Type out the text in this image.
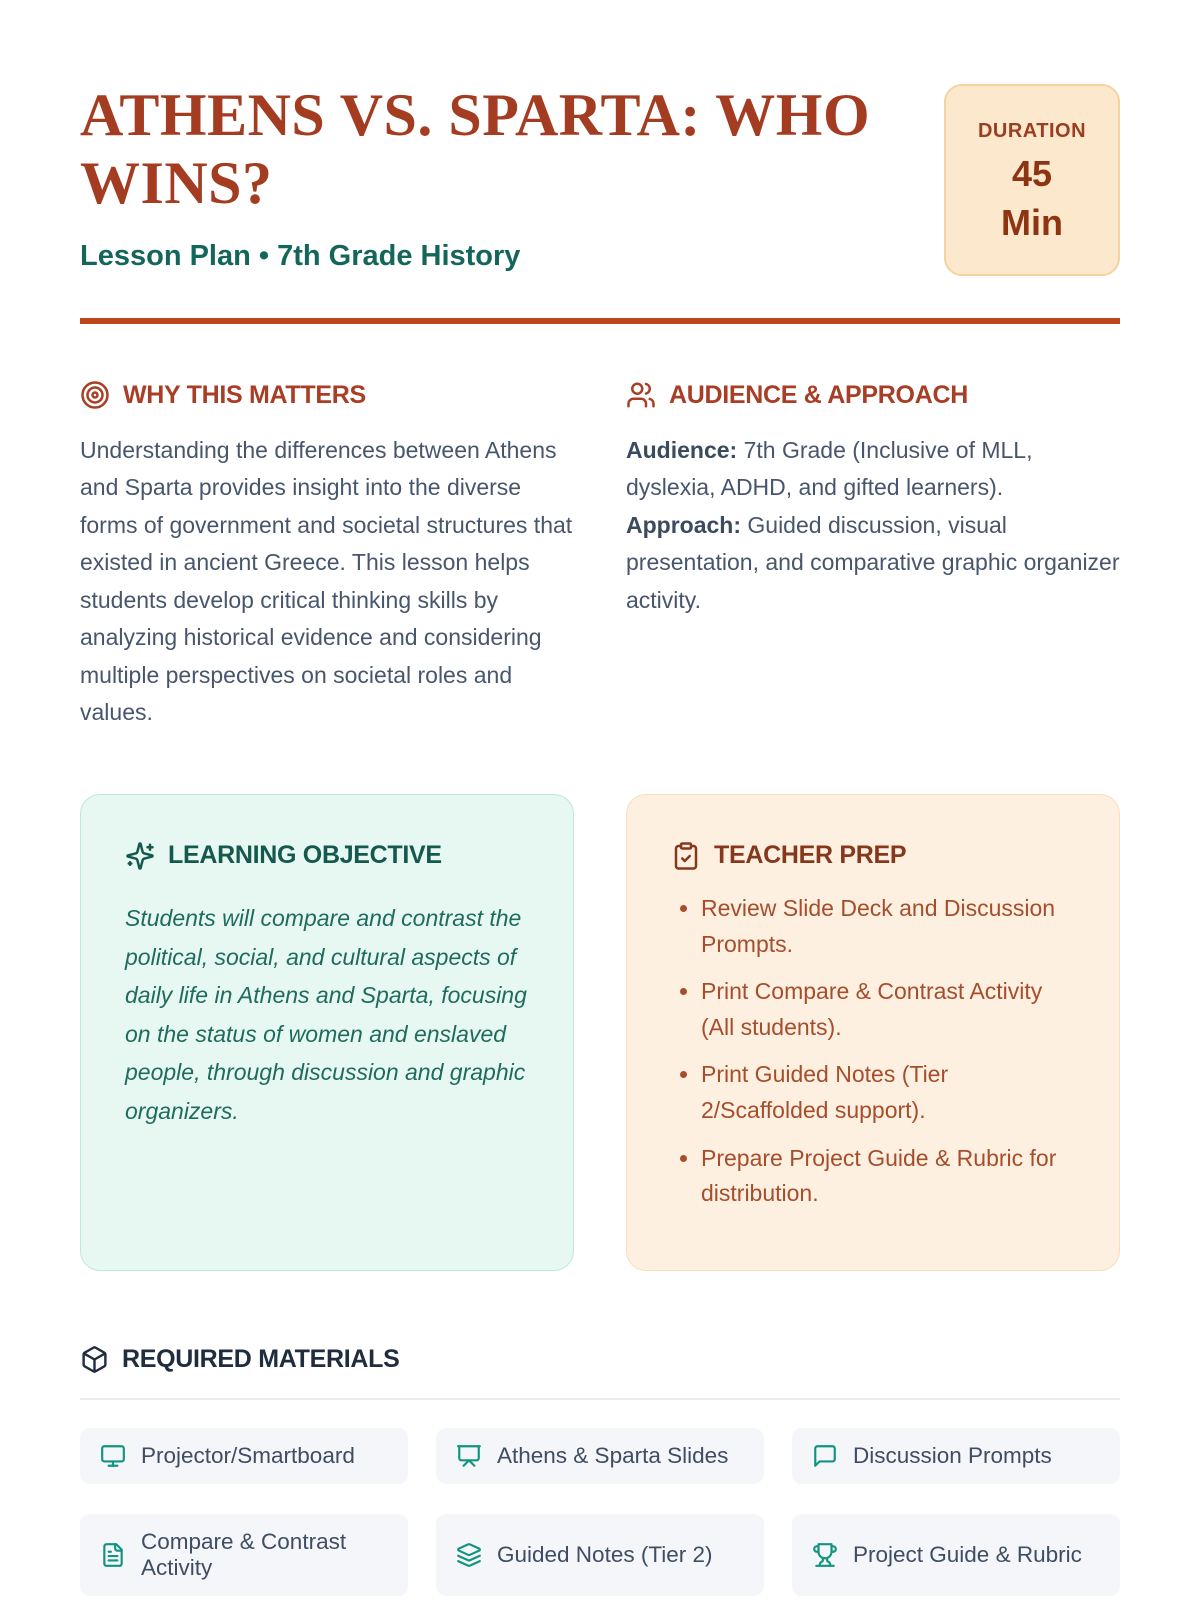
ATHENS VS. SPARTA: WHO WINS?

Lesson Plan • 7th Grade History

DURATION
45
Min
WHY THIS MATTERS

Understanding the differences between Athens and Sparta provides insight into the diverse forms of government and societal structures that existed in ancient Greece. This lesson helps students develop critical thinking skills by analyzing historical evidence and considering multiple perspectives on societal roles and values.

AUDIENCE & APPROACH

Audience: 7th Grade (Inclusive of MLL, dyslexia, ADHD, and gifted learners). Approach: Guided discussion, visual presentation, and comparative graphic organizer activity.

LEARNING OBJECTIVE

Students will compare and contrast the political, social, and cultural aspects of daily life in Athens and Sparta, focusing on the status of women and enslaved people, through discussion and graphic organizers.

TEACHER PREP
• Review Slide Deck and Discussion Prompts.
• Print Compare & Contrast Activity (All students).
• Print Guided Notes (Tier 2/Scaffolded support).
• Prepare Project Guide & Rubric for distribution.
REQUIRED MATERIALS
Projector/Smartboard	Athens & Sparta Slides	Discussion Prompts
Compare & Contrast Activity
Guided Notes (Tier 2)	Project Guide & Rubric
